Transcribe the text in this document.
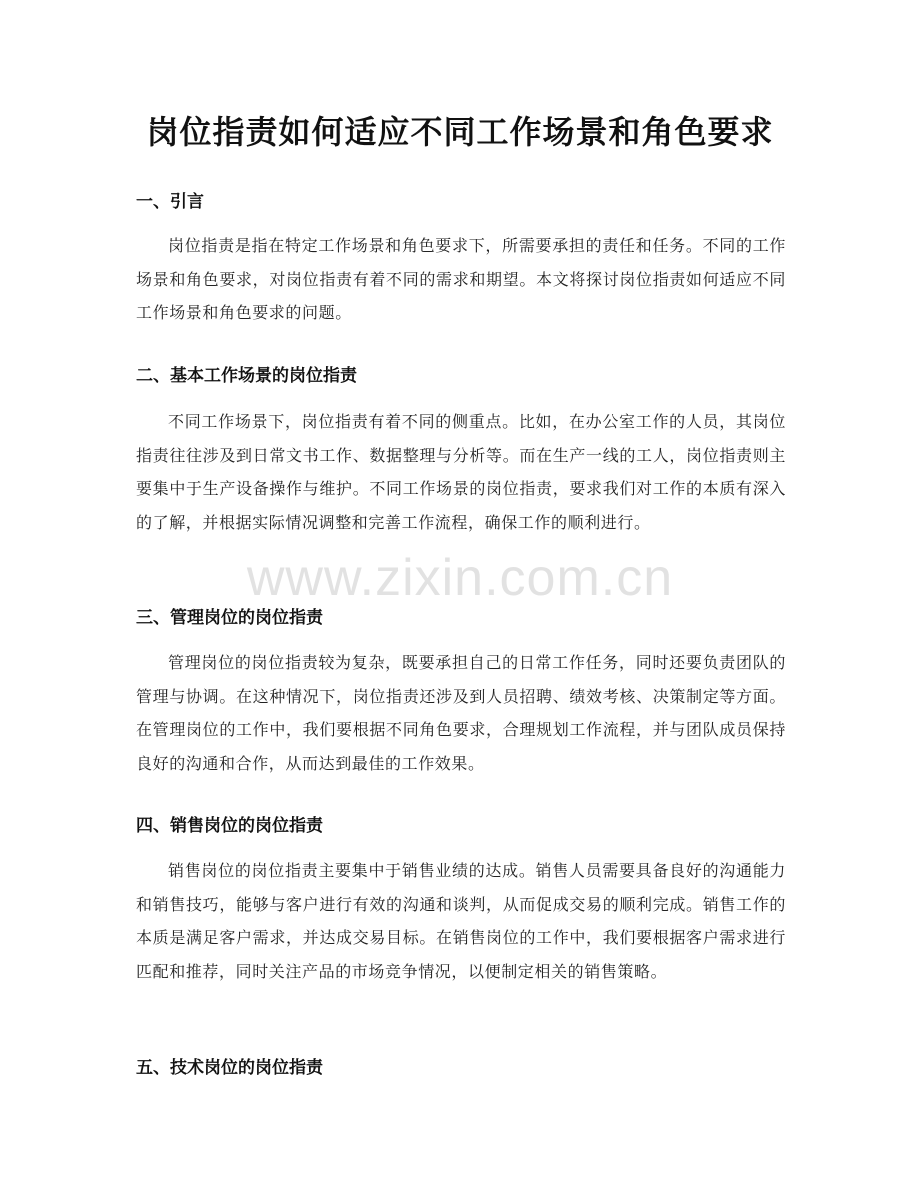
岗位指责如何适应不同工作场景和角色要求
一、引言

岗位指责是指在特定工作场景和角色要求下，所需要承担的责任和任务。不同的工作场景和角色要求，对岗位指责有着不同的需求和期望。本文将探讨岗位指责如何适应不同工作场景和角色要求的问题。

二、基本工作场景的岗位指责

不同工作场景下，岗位指责有着不同的侧重点。比如，在办公室工作的人员，其岗位指责往往涉及到日常文书工作、数据整理与分析等。而在生产一线的工人，岗位指责则主要集中于生产设备操作与维护。不同工作场景的岗位指责，要求我们对工作的本质有深入的了解，并根据实际情况调整和完善工作流程，确保工作的顺利进行。

三、管理岗位的岗位指责

管理岗位的岗位指责较为复杂，既要承担自己的日常工作任务，同时还要负责团队的管理与协调。在这种情况下，岗位指责还涉及到人员招聘、绩效考核、决策制定等方面。在管理岗位的工作中，我们要根据不同角色要求，合理规划工作流程，并与团队成员保持良好的沟通和合作，从而达到最佳的工作效果。

四、销售岗位的岗位指责

销售岗位的岗位指责主要集中于销售业绩的达成。销售人员需要具备良好的沟通能力和销售技巧，能够与客户进行有效的沟通和谈判，从而促成交易的顺利完成。销售工作的本质是满足客户需求，并达成交易目标。在销售岗位的工作中，我们要根据客户需求进行匹配和推荐，同时关注产品的市场竞争情况，以便制定相关的销售策略。

五、技术岗位的岗位指责
www.zixin.com.cn
